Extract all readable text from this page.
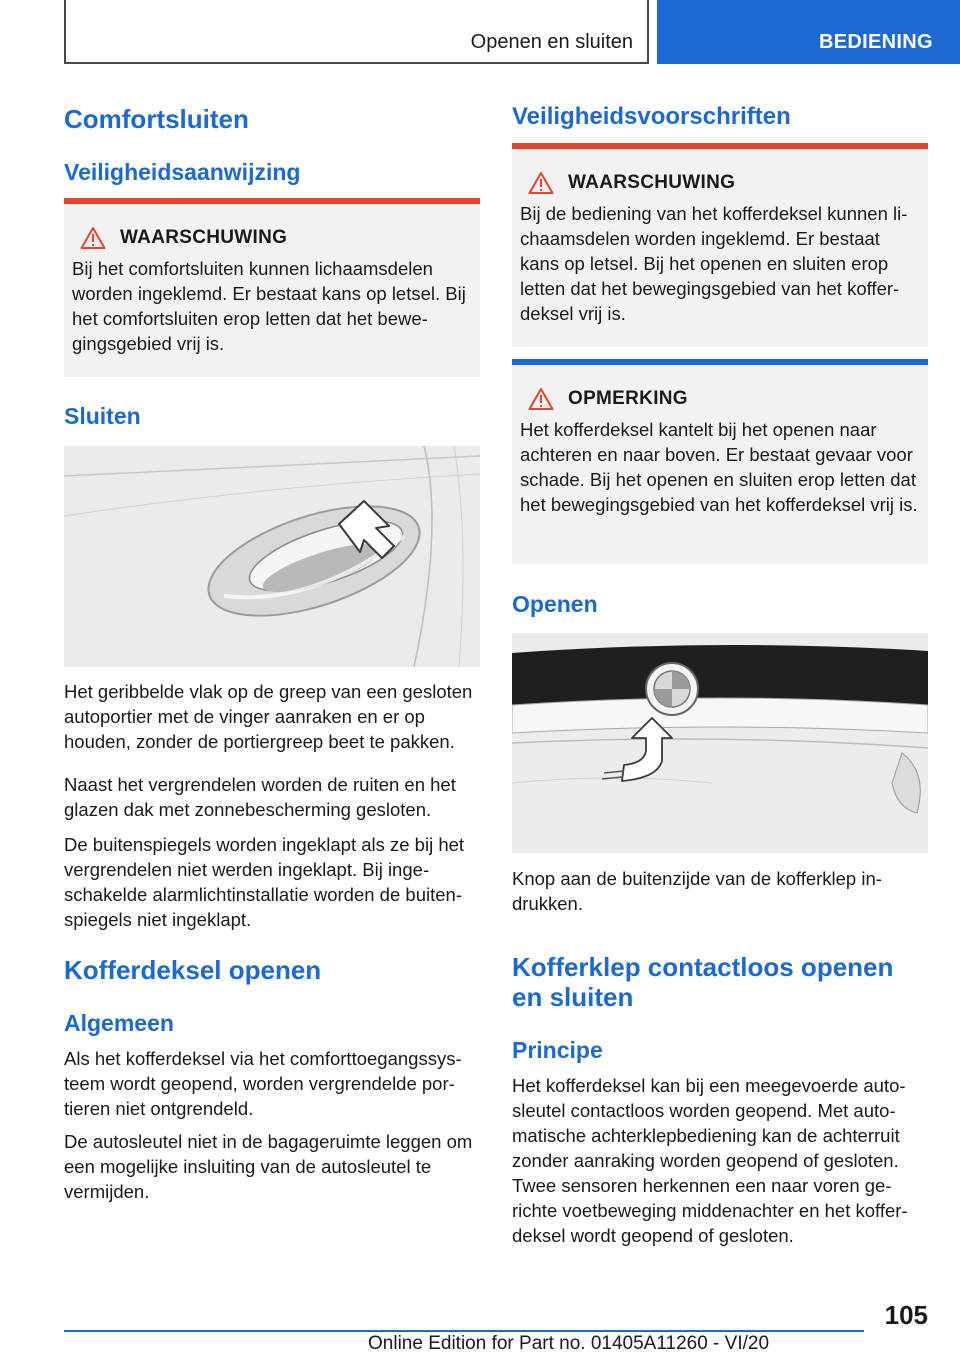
Openen en sluiten	BEDIENING
Comfortsluiten
Veiligheidsaanwijzing
WAARSCHUWING

Bij het comfortsluiten kunnen lichaamsdelen worden ingeklemd. Er bestaat kans op letsel. Bij het comfortsluiten erop letten dat het bewegingsgebied vrij is.

Sluiten

Het geribbelde vlak op de greep van een gesloten autoportier met de vinger aanraken en er op houden, zonder de portiergreep beet te pakken.

Naast het vergrendelen worden de ruiten en het glazen dak met zonnebescherming gesloten.

De buitenspiegels worden ingeklapt als ze bij het vergrendelen niet werden ingeklapt. Bij ingeschakelde alarmlichtinstallatie worden de buitenspiegels niet ingeklapt.

Kofferdeksel openen
Algemeen

Als het kofferdeksel via het comforttoegangssysteem wordt geopend, worden vergrendelde portieren niet ontgrendeld.

De autosleutel niet in de bagageruimte leggen om een mogelijke insluiting van de autosleutel te vermijden.

Veiligheidsvoorschriften
WAARSCHUWING

Bij de bediening van het kofferdeksel kunnen lichaamsdelen worden ingeklemd. Er bestaat kans op letsel. Bij het openen en sluiten erop letten dat het bewegingsgebied van het kofferdeksel vrij is.

OPMERKING

Het kofferdeksel kantelt bij het openen naar achteren en naar boven. Er bestaat gevaar voor schade. Bij het openen en sluiten erop letten dat het bewegingsgebied van het kofferdeksel vrij is.

Openen

Knop aan de buitenzijde van de kofferklep indrukken.

Kofferklep contactloos openen en sluiten
Principe

Het kofferdeksel kan bij een meegevoerde autosleutel contactloos worden geopend. Met automatische achterklepbediening kan de achterruit zonder aanraking worden geopend of gesloten. Twee sensoren herkennen een naar voren gerichte voetbeweging middenachter en het kofferdeksel wordt geopend of gesloten.

105
Online Edition for Part no. 01405A11260 - VI/20
